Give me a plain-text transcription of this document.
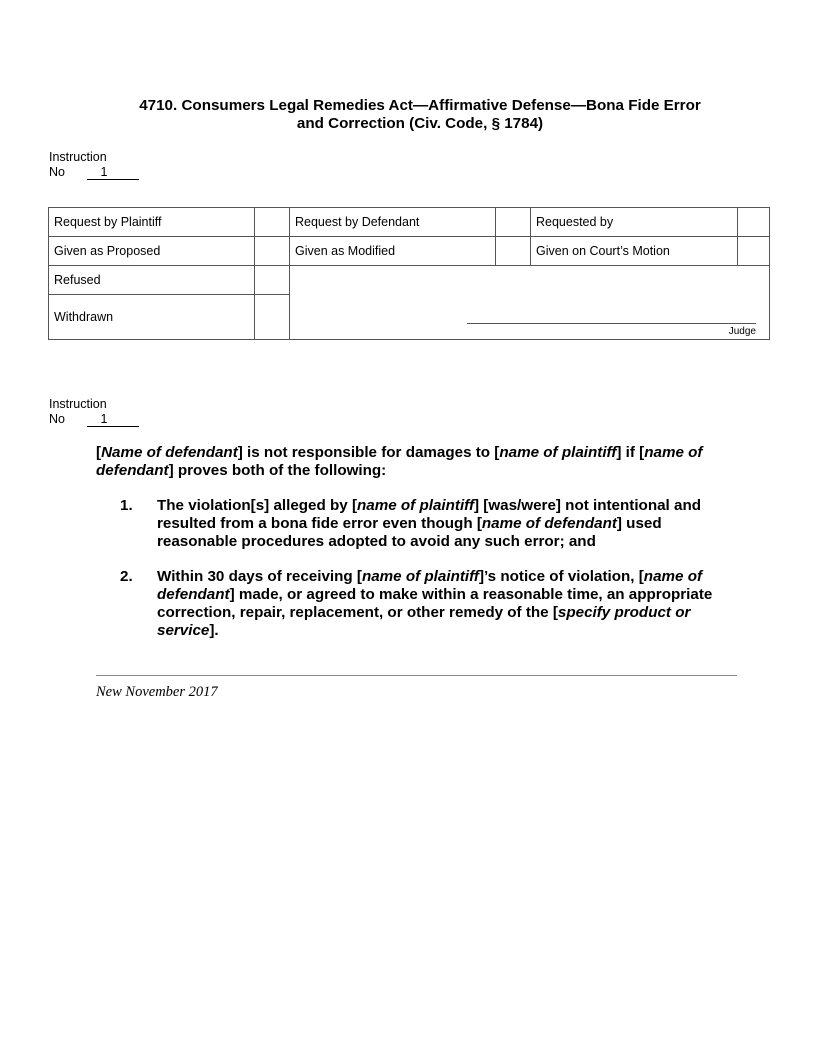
4710. Consumers Legal Remedies Act—Affirmative Defense—Bona Fide Error
and Correction (Civ. Code, § 1784)
Instruction
No	1
Request by Plaintiff		Request by Defendant		Requested by	
Given as Proposed		Given as Modified		Given on Court’s Motion	
Refused		Judge			

Withdrawn					
Instruction
No	1

[Name of defendant] is not responsible for damages to [name of plaintiff] if [name of defendant] proves both of the following:

1. The violation[s] alleged by [name of plaintiff] [was/were] not intentional and resulted from a bona fide error even though [name of defendant] used reasonable procedures adopted to avoid any such error; and
2. Within 30 days of receiving [name of plaintiff]’s notice of violation, [name of defendant] made, or agreed to make within a reasonable time, an appropriate correction, repair, replacement, or other remedy of the [specify product or service].
New November 2017
